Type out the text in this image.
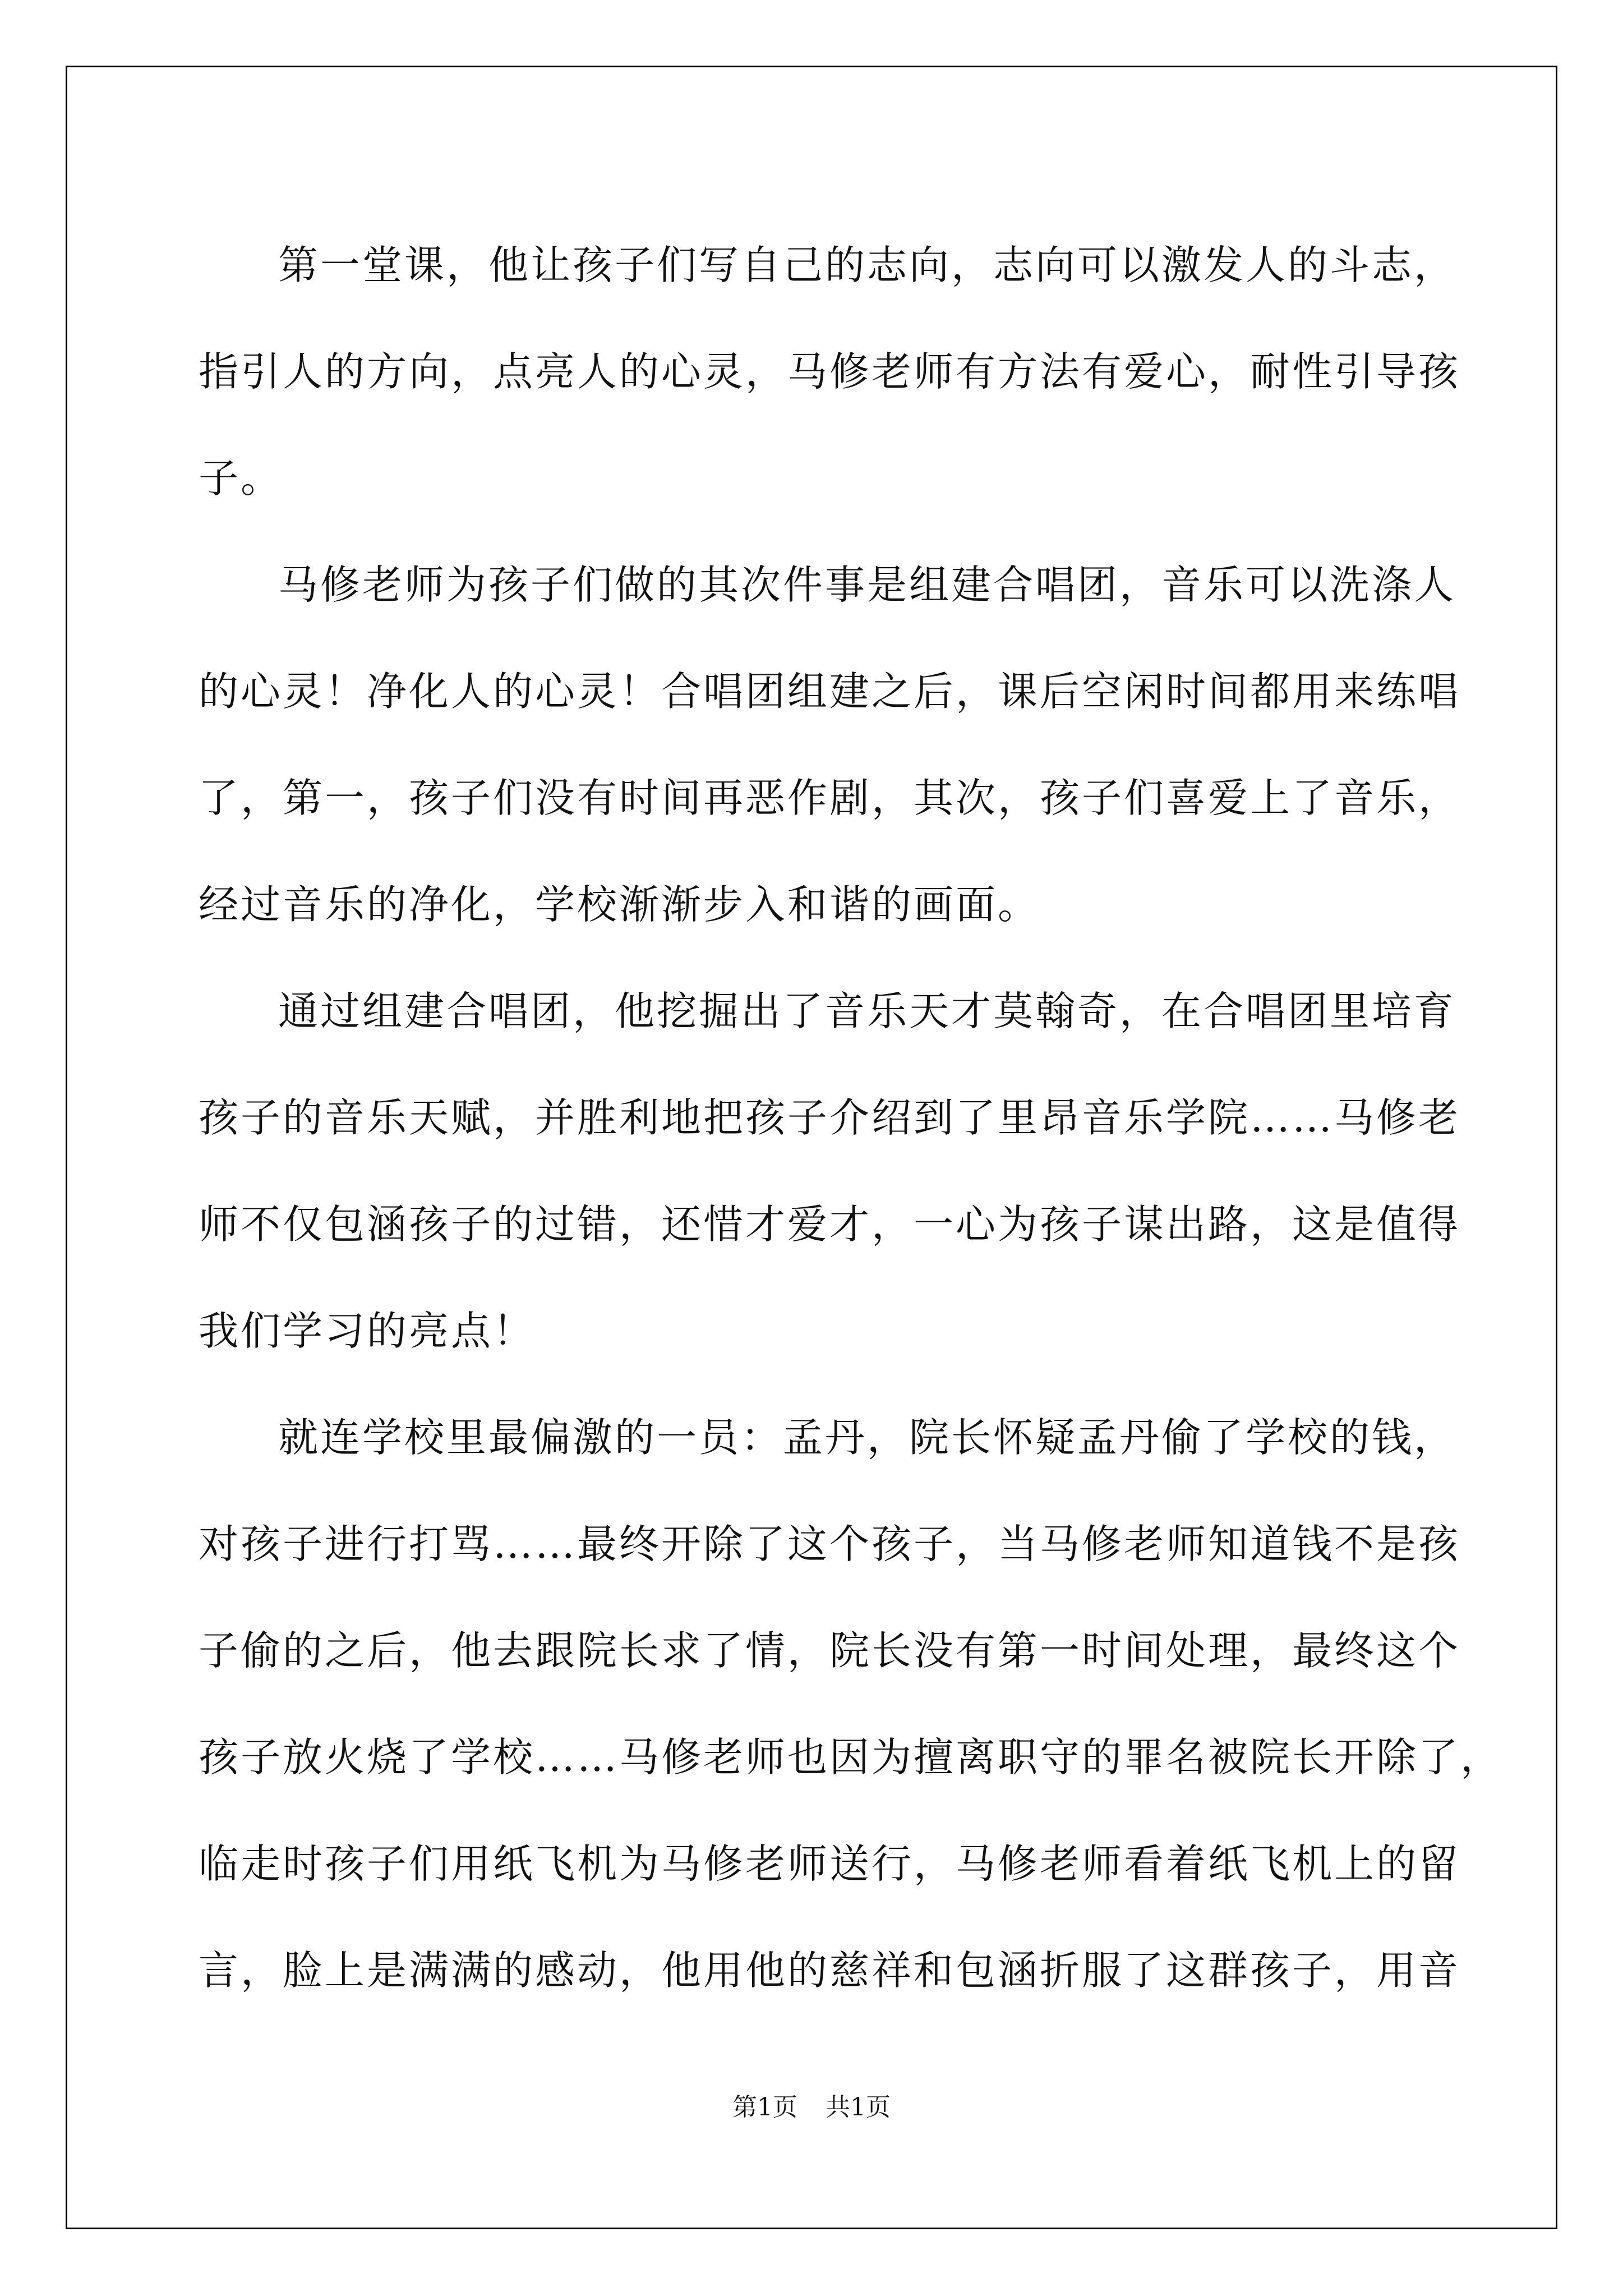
第一堂课，他让孩子们写自己的志向，志向可以激发人的斗志，
指引人的方向，点亮人的心灵，马修老师有方法有爱心，耐性引导孩
子。
马修老师为孩子们做的其次件事是组建合唱团，音乐可以洗涤人
的心灵！净化人的心灵！合唱团组建之后，课后空闲时间都用来练唱
了，第一，孩子们没有时间再恶作剧，其次，孩子们喜爱上了音乐，
经过音乐的净化，学校渐渐步入和谐的画面。
通过组建合唱团，他挖掘出了音乐天才莫翰奇，在合唱团里培育
孩子的音乐天赋，并胜利地把孩子介绍到了里昂音乐学院……马修老
师不仅包涵孩子的过错，还惜才爱才，一心为孩子谋出路，这是值得
我们学习的亮点！
就连学校里最偏激的一员：孟丹，院长怀疑孟丹偷了学校的钱，
对孩子进行打骂……最终开除了这个孩子，当马修老师知道钱不是孩
子偷的之后，他去跟院长求了情，院长没有第一时间处理，最终这个
孩子放火烧了学校……马修老师也因为擅离职守的罪名被院长开除了，
临走时孩子们用纸飞机为马修老师送行，马修老师看着纸飞机上的留
言，脸上是满满的感动，他用他的慈祥和包涵折服了这群孩子，用音
第1页 共1页
